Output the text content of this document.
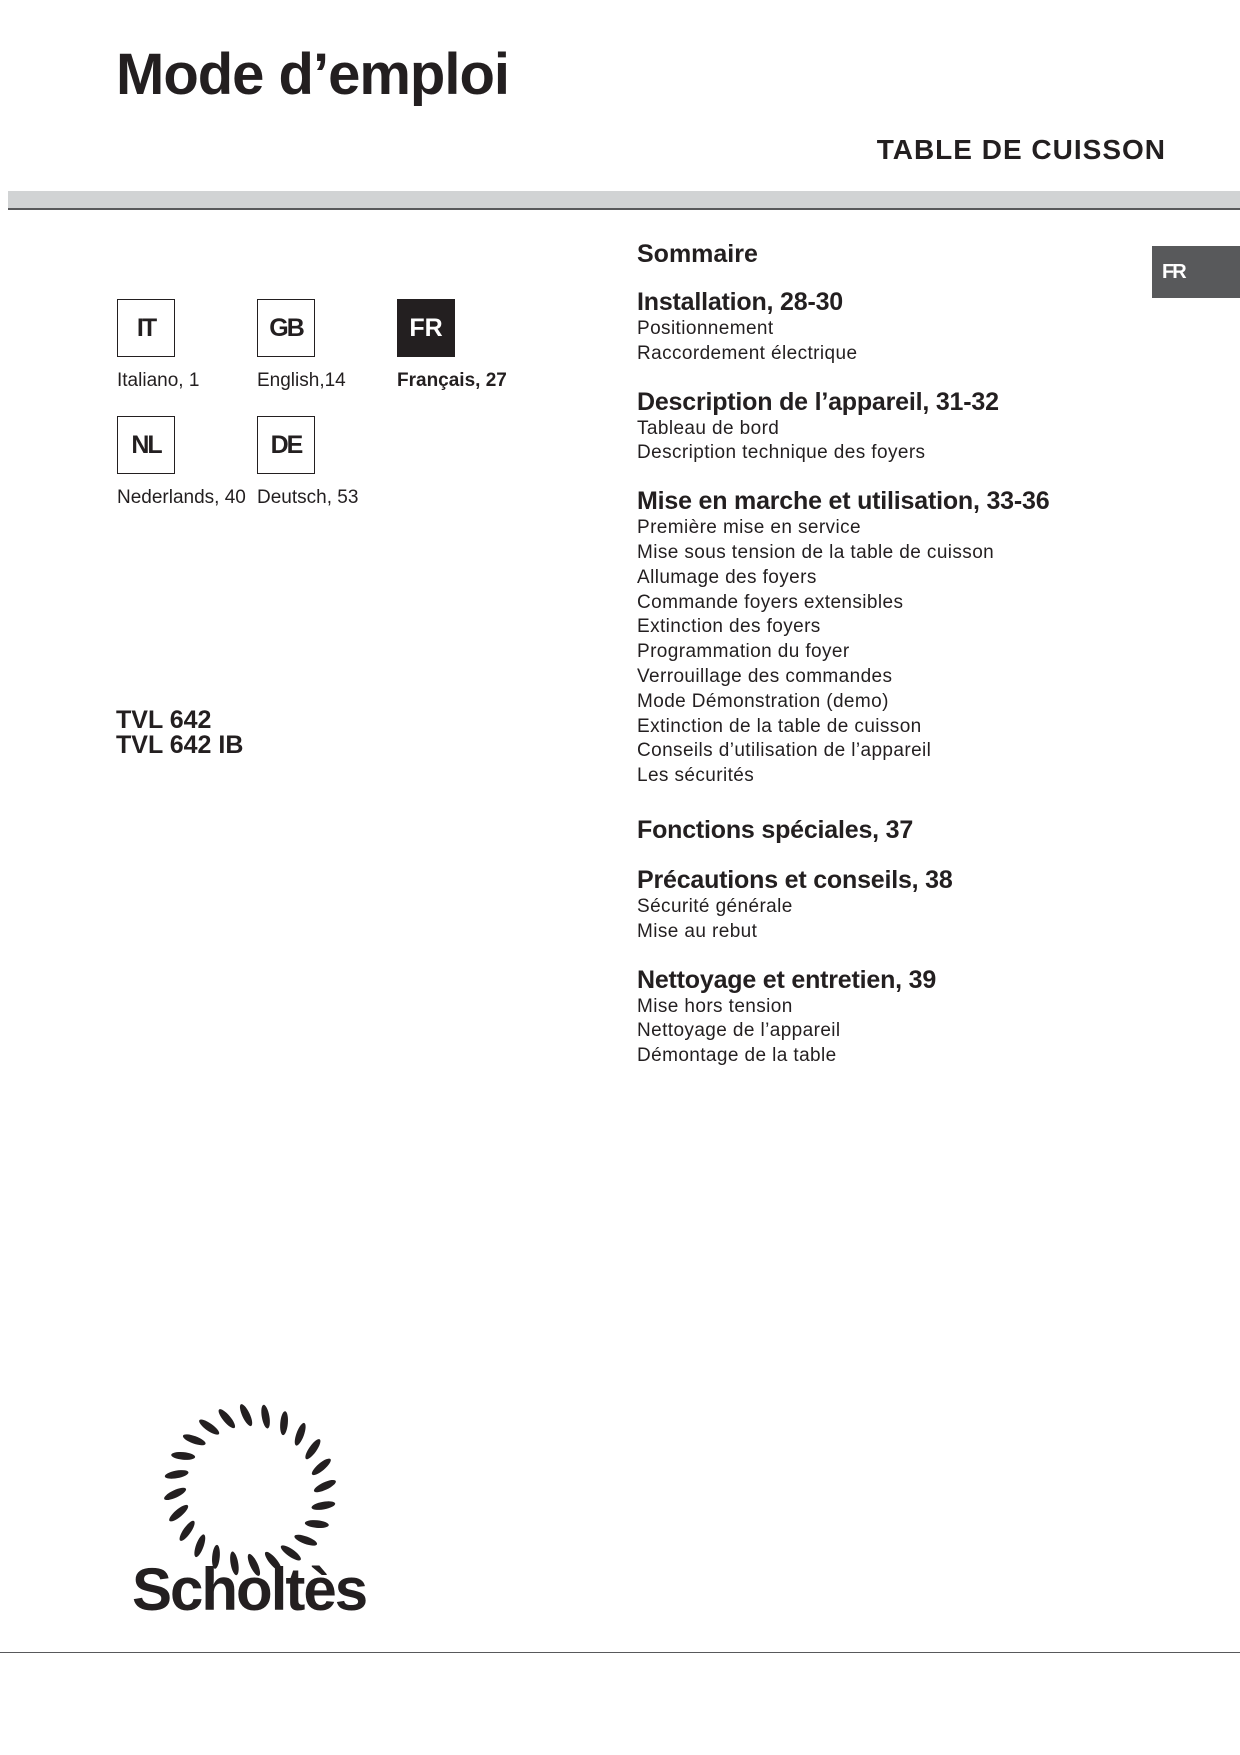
Mode d’emploi
TABLE DE CUISSON
FR
IT
Italiano, 1
GB
English,14
FR
Français, 27
NL
Nederlands, 40
DE
Deutsch, 53
TVL 642
TVL 642 IB
Sommaire
Installation, 28-30
Positionnement
Raccordement électrique
Description de l’appareil, 31-32
Tableau de bord
Description technique des foyers
Mise en marche et utilisation, 33-36
Première mise en service
Mise sous tension de la table de cuisson
Allumage des foyers
Commande foyers extensibles
Extinction des foyers
Programmation du foyer
Verrouillage des commandes
Mode Démonstration (demo)
Extinction de la table de cuisson
Conseils d’utilisation de l’appareil
Les sécurités
Fonctions spéciales, 37
Précautions et conseils, 38
Sécurité générale
Mise au rebut
Nettoyage et entretien, 39
Mise hors tension
Nettoyage de l’appareil
Démontage de la table
Scholtès
